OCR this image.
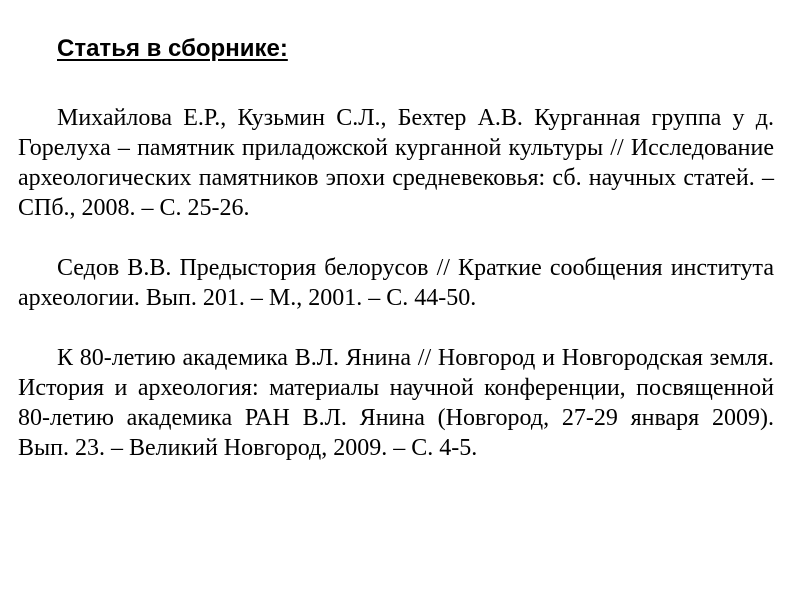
Статья в сборнике:

Михайлова Е.Р., Кузьмин С.Л., Бехтер А.В. Курганная группа у д. Горелуха – памятник приладожской курганной культуры // Исследование археологических памятников эпохи средневековья: сб. научных статей. – СПб., 2008. – С. 25-26.

Седов В.В. Предыстория белорусов // Краткие сообщения института археологии. Вып. 201. – М., 2001. – С. 44-50.

К 80-летию академика В.Л. Янина // Новгород и Новгородская земля. История и археология: материалы научной конференции, посвященной 80-летию академика РАН В.Л. Янина (Новгород, 27-29 января 2009). Вып. 23. – Великий Новгород, 2009. – С. 4-5.
